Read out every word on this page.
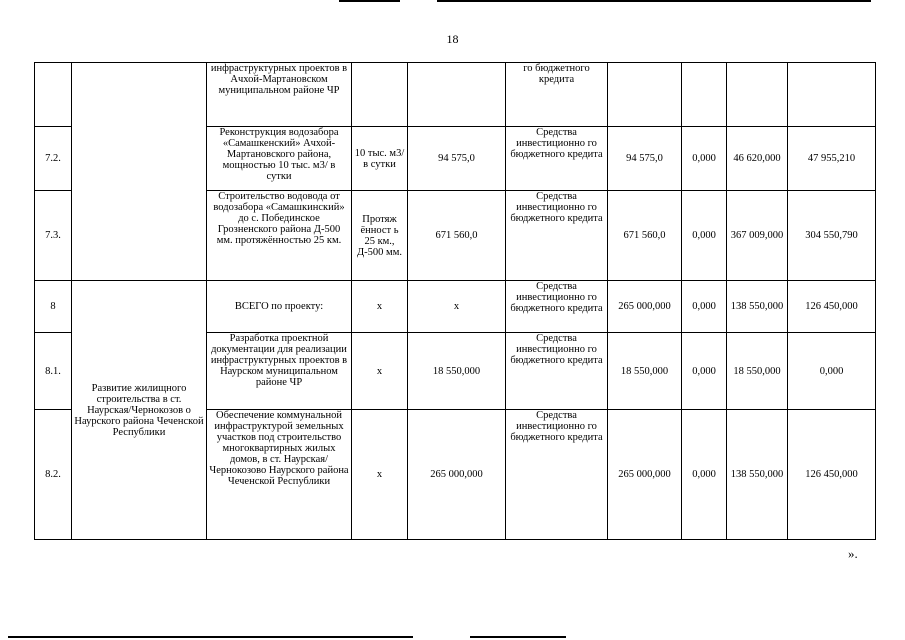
18
		инфраструктурных проектов в Ачхой-Мартановском муниципальном районе ЧР			го бюджетного кредита				
7.2.		Реконструкция водозабора «Самашкенский» Ачхой-Мартановского района, мощностью 10 тыс. м3/ в сутки	10 тыс. м3/ в сутки	94 575,0	Средства инвестиционно го бюджетного кредита	94 575,0	0,000	46 620,000	47 955,210
7.3.		Строительство водовода от водозабора «Самашкинский» до с. Побединское Грозненского района Д-500 мм. протяжённостью 25 км.	Протяж ённост ь 25 км., Д-500 мм.	671 560,0	Средства инвестиционно го бюджетного кредита	671 560,0	0,000	367 009,000	304 550,790
8	Развитие жилищного строительства в ст. Наурская/Чернокозов о Наурского района Чеченской Республики	ВСЕГО по проекту:	х	х	Средства инвестиционно го бюджетного кредита	265 000,000	0,000	138 550,000	126 450,000
8.1.		Разработка проектной документации для реализации инфраструктурных проектов в Наурском муниципальном районе ЧР	х	18 550,000	Средства инвестиционно го бюджетного кредита	18 550,000	0,000	18 550,000	0,000
8.2.		Обеспечение коммунальной инфраструктурой земельных участков под строительство многоквартирных жилых домов, в ст. Наурская/Чернокозово Наурского района Чеченской Республики	х	265 000,000	Средства инвестиционно го бюджетного кредита	265 000,000	0,000	138 550,000	126 450,000
».
